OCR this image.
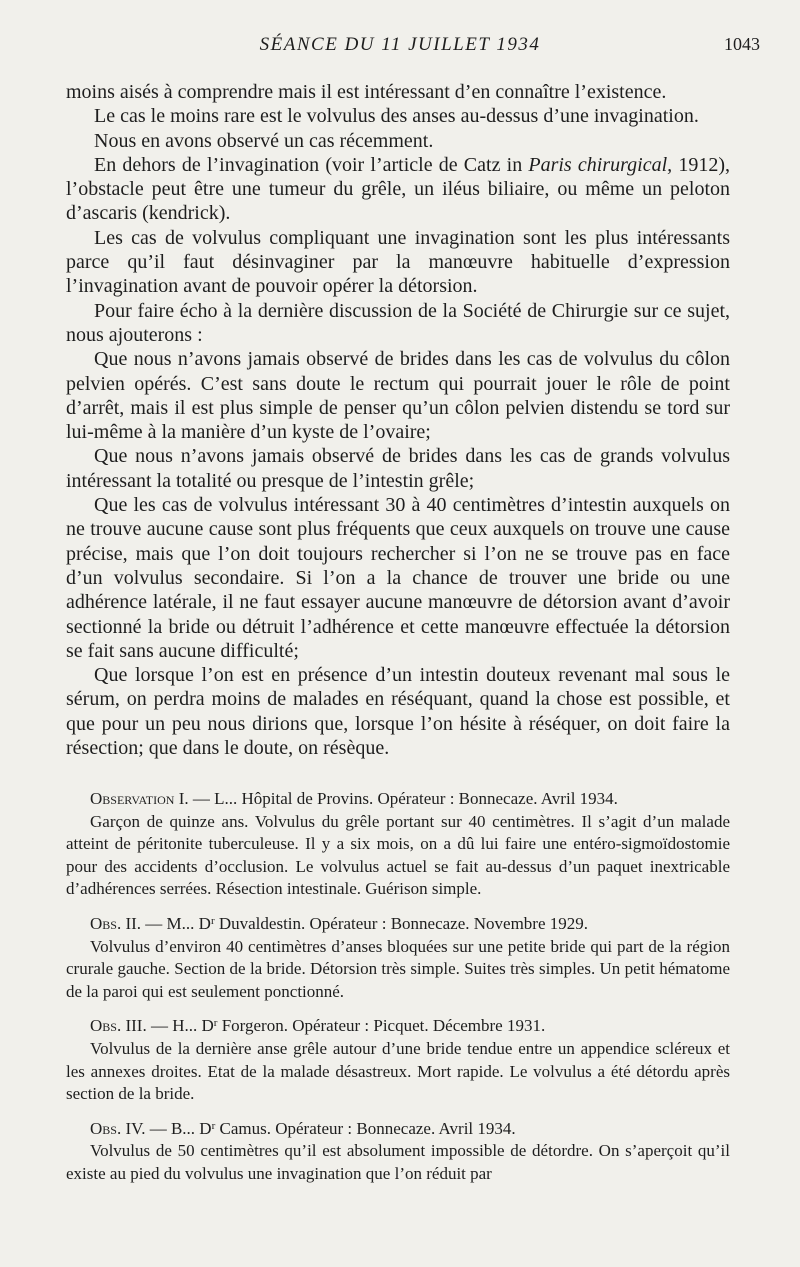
SÉANCE DU 11 JUILLET 1934	1043

moins aisés à comprendre mais il est intéressant d’en connaître l’existence.

Le cas le moins rare est le volvulus des anses au-dessus d’une invagination.

Nous en avons observé un cas récemment.

En dehors de l’invagination (voir l’article de Catz in Paris chirurgical, 1912), l’obstacle peut être une tumeur du grêle, un iléus biliaire, ou même un peloton d’ascaris (kendrick).

Les cas de volvulus compliquant une invagination sont les plus intéressants parce qu’il faut désinvaginer par la manœuvre habituelle d’expression l’invagination avant de pouvoir opérer la détorsion.

Pour faire écho à la dernière discussion de la Société de Chirurgie sur ce sujet, nous ajouterons :

Que nous n’avons jamais observé de brides dans les cas de volvulus du côlon pelvien opérés. C’est sans doute le rectum qui pourrait jouer le rôle de point d’arrêt, mais il est plus simple de penser qu’un côlon pelvien distendu se tord sur lui-même à la manière d’un kyste de l’ovaire;

Que nous n’avons jamais observé de brides dans les cas de grands volvulus intéressant la totalité ou presque de l’intestin grêle;

Que les cas de volvulus intéressant 30 à 40 centimètres d’intestin auxquels on ne trouve aucune cause sont plus fréquents que ceux auxquels on trouve une cause précise, mais que l’on doit toujours rechercher si l’on ne se trouve pas en face d’un volvulus secondaire. Si l’on a la chance de trouver une bride ou une adhérence latérale, il ne faut essayer aucune manœuvre de détorsion avant d’avoir sectionné la bride ou détruit l’adhérence et cette manœuvre effectuée la détorsion se fait sans aucune difficulté;

Que lorsque l’on est en présence d’un intestin douteux revenant mal sous le sérum, on perdra moins de malades en réséquant, quand la chose est possible, et que pour un peu nous dirions que, lorsque l’on hésite à réséquer, on doit faire la résection; que dans le doute, on résèque.

Observation I. — L... Hôpital de Provins. Opérateur : Bonnecaze. Avril 1934.

Garçon de quinze ans. Volvulus du grêle portant sur 40 centimètres. Il s’agit d’un malade atteint de péritonite tuberculeuse. Il y a six mois, on a dû lui faire une entéro-sigmoïdostomie pour des accidents d’occlusion. Le volvulus actuel se fait au-dessus d’un paquet inextricable d’adhérences serrées. Résection intestinale. Guérison simple.

Obs. II. — M... $D^r$ Duvaldestin. Opérateur : Bonnecaze. Novembre 1929.

Volvulus d’environ 40 centimètres d’anses bloquées sur une petite bride qui part de la région crurale gauche. Section de la bride. Détorsion très simple. Suites très simples. Un petit hématome de la paroi qui est seulement ponctionné.

Obs. III. — H... $D^r$ Forgeron. Opérateur : Picquet. Décembre 1931.

Volvulus de la dernière anse grêle autour d’une bride tendue entre un appendice scléreux et les annexes droites. Etat de la malade désastreux. Mort rapide. Le volvulus a été détordu après section de la bride.

Obs. IV. — B... $D^r$ Camus. Opérateur : Bonnecaze. Avril 1934.

Volvulus de 50 centimètres qu’il est absolument impossible de détordre. On s’aperçoit qu’il existe au pied du volvulus une invagination que l’on réduit par
